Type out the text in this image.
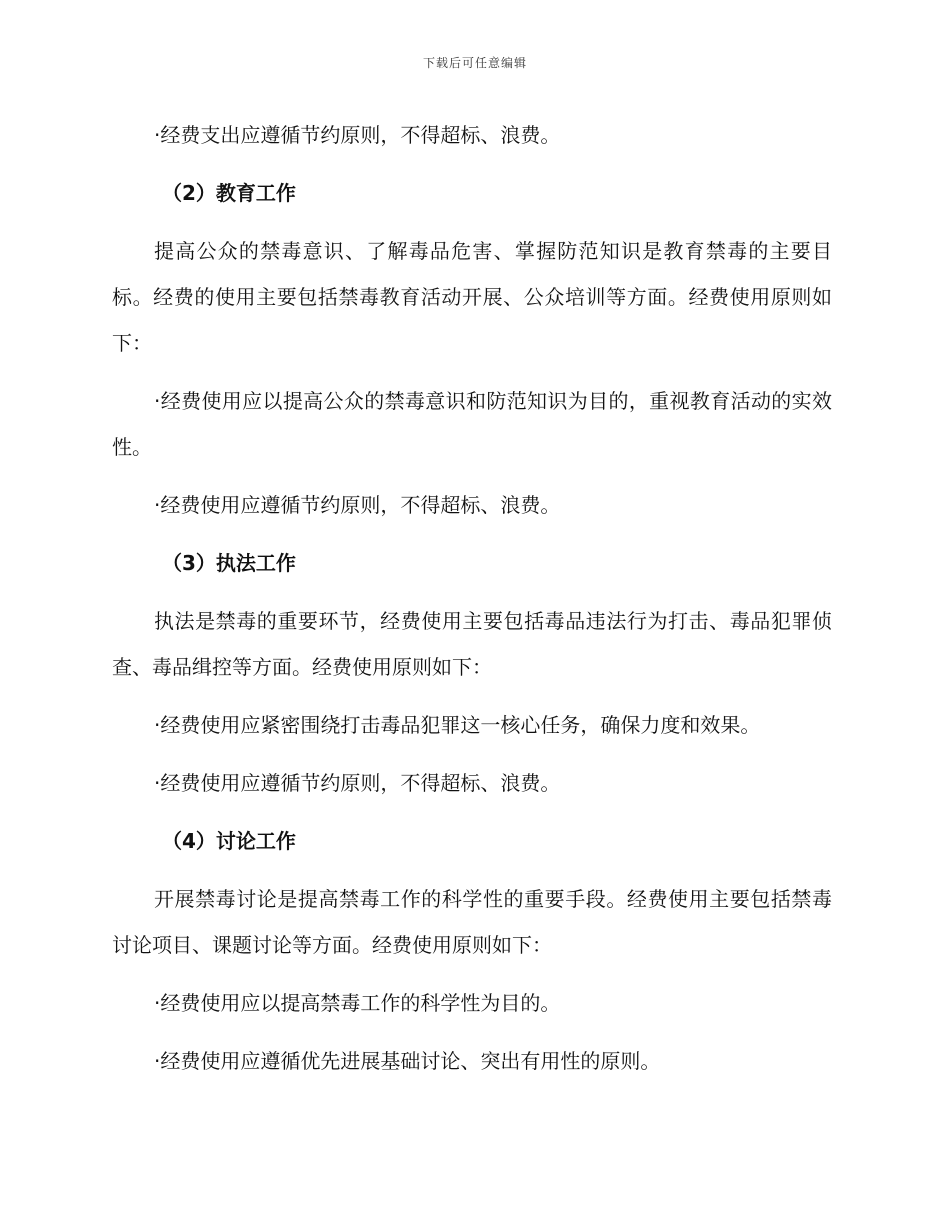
下载后可任意编辑

·经费支出应遵循节约原则，不得超标、浪费。

（2）教育工作

提高公众的禁毒意识、了解毒品危害、掌握防范知识是教育禁毒的主要目标。经费的使用主要包括禁毒教育活动开展、公众培训等方面。经费使用原则如下：

·经费使用应以提高公众的禁毒意识和防范知识为目的，重视教育活动的实效性。

·经费使用应遵循节约原则，不得超标、浪费。

（3）执法工作

执法是禁毒的重要环节，经费使用主要包括毒品违法行为打击、毒品犯罪侦查、毒品缉控等方面。经费使用原则如下：

·经费使用应紧密围绕打击毒品犯罪这一核心任务，确保力度和效果。

·经费使用应遵循节约原则，不得超标、浪费。

（4）讨论工作

开展禁毒讨论是提高禁毒工作的科学性的重要手段。经费使用主要包括禁毒讨论项目、课题讨论等方面。经费使用原则如下：

·经费使用应以提高禁毒工作的科学性为目的。

·经费使用应遵循优先进展基础讨论、突出有用性的原则。
